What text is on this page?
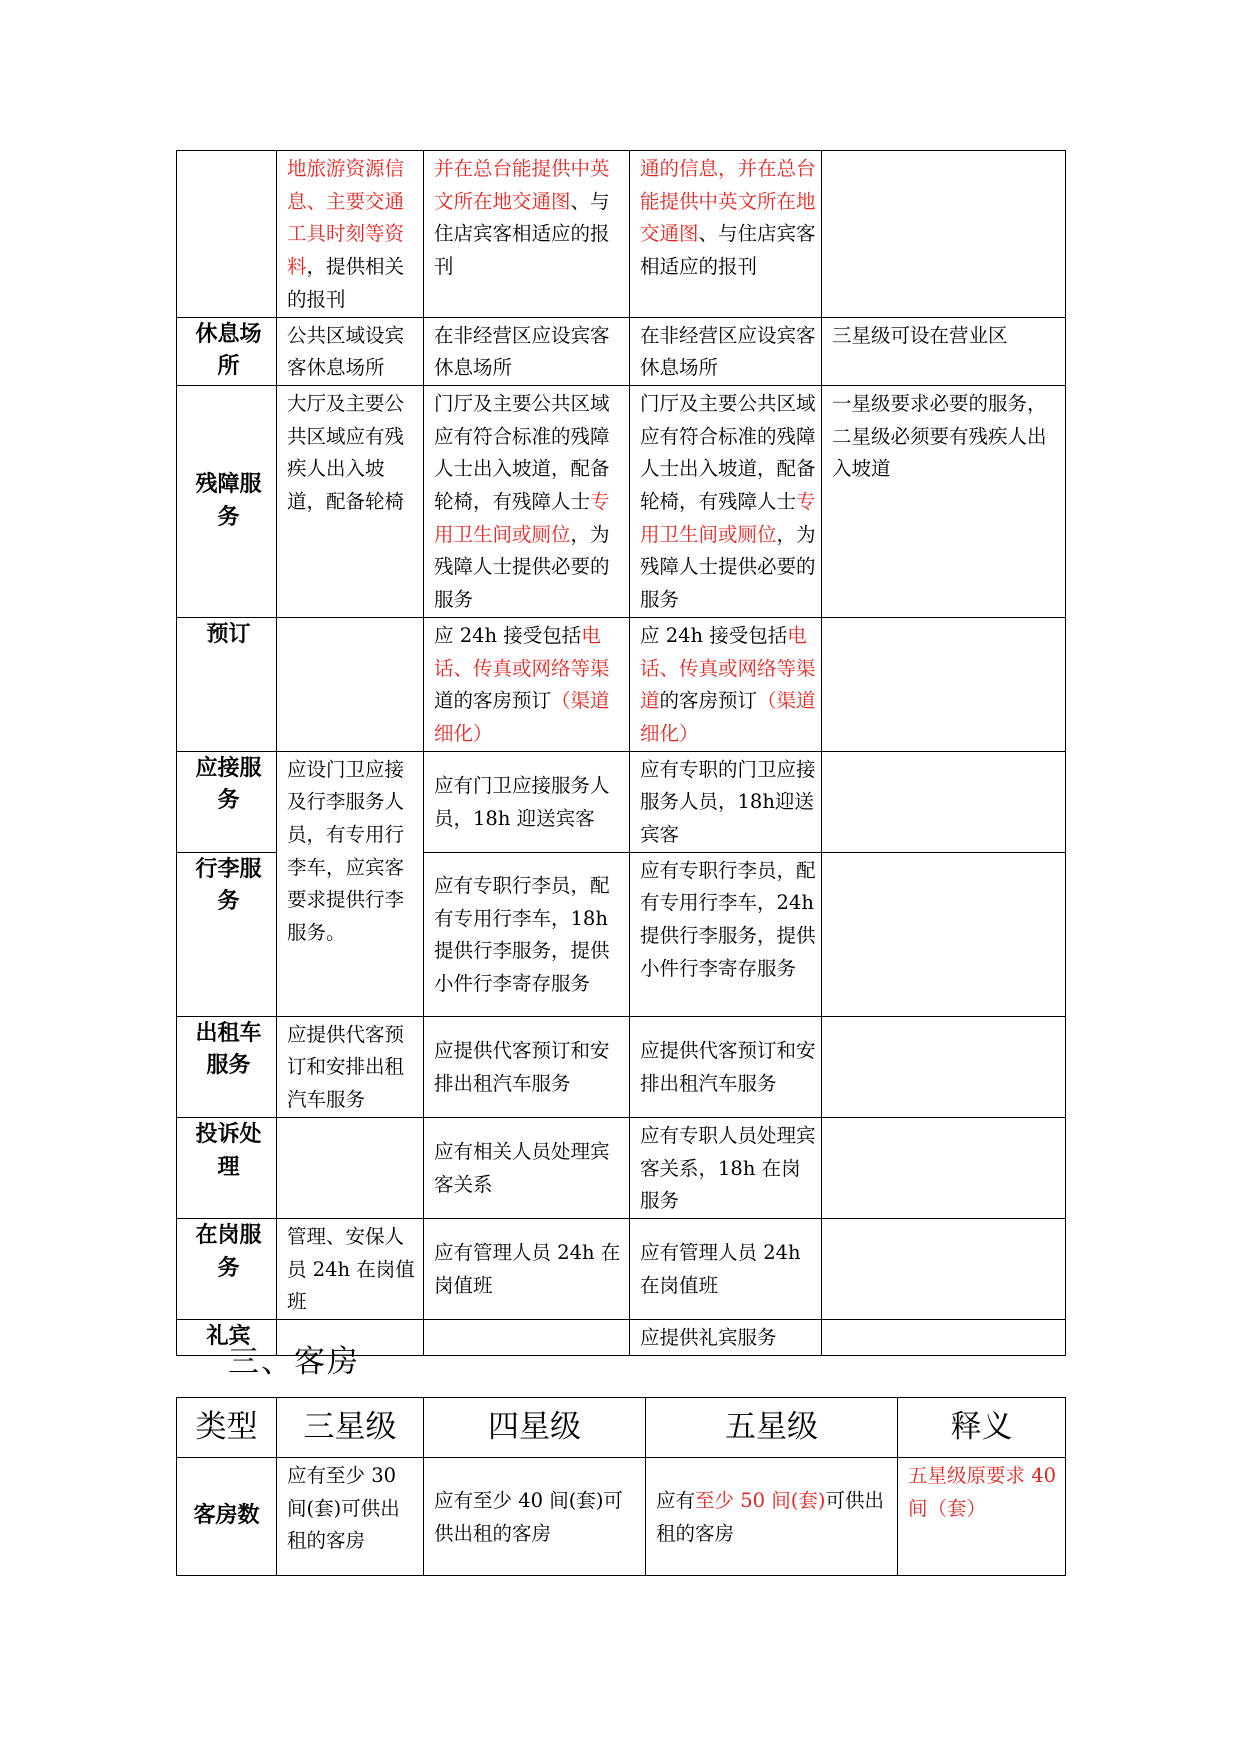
	地旅游资源信息、主要交通工具时刻等资料，提供相关的报刊	并在总台能提供中英文所在地交通图、与住店宾客相适应的报刊	通的信息，并在总台能提供中英文所在地交通图、与住店宾客相适应的报刊	

休息场所	公共区域设宾客休息场所	在非经营区应设宾客休息场所	在非经营区应设宾客休息场所	三星级可设在营业区

残障服务	大厅及主要公共区域应有残疾人出入坡道，配备轮椅	门厅及主要公共区域应有符合标准的残障人士出入坡道，配备轮椅，有残障人士专用卫生间或厕位，为残障人士提供必要的服务	门厅及主要公共区域应有符合标准的残障人士出入坡道，配备轮椅，有残障人士专用卫生间或厕位，为残障人士提供必要的服务	一星级要求必要的服务，二星级必须要有残疾人出入坡道

预订		应 24h 接受包括电话、传真或网络等渠道的客房预订（渠道细化）	应 24h 接受包括电话、传真或网络等渠道的客房预订（渠道细化）	

应接服务	应设门卫应接及行李服务人员，有专用行李车，应宾客要求提供行李服务。	应有门卫应接服务人员，18h 迎送宾客	应有专职的门卫应接服务人员，18h迎送宾客	

行李服务		应有专职行李员，配有专用行李车，18h 提供行李服务，提供小件行李寄存服务	应有专职行李员，配有专用行李车，24h 提供行李服务，提供小件行李寄存服务	

出租车服务	应提供代客预订和安排出租汽车服务	应提供代客预订和安排出租汽车服务	应提供代客预订和安排出租汽车服务	

投诉处理		应有相关人员处理宾客关系	应有专职人员处理宾客关系，18h 在岗服务	

在岗服务	管理、安保人员 24h 在岗值班	应有管理人员 24h 在岗值班	应有管理人员 24h 在岗值班	

礼宾			应提供礼宾服务	

三、客房
类型	三星级	四星级	五星级	释义

客房数	应有至少 30 间(套)可供出租的客房	应有至少 40 间(套)可供出租的客房	应有至少 50 间(套)可供出租的客房	五星级原要求 40 间（套）
